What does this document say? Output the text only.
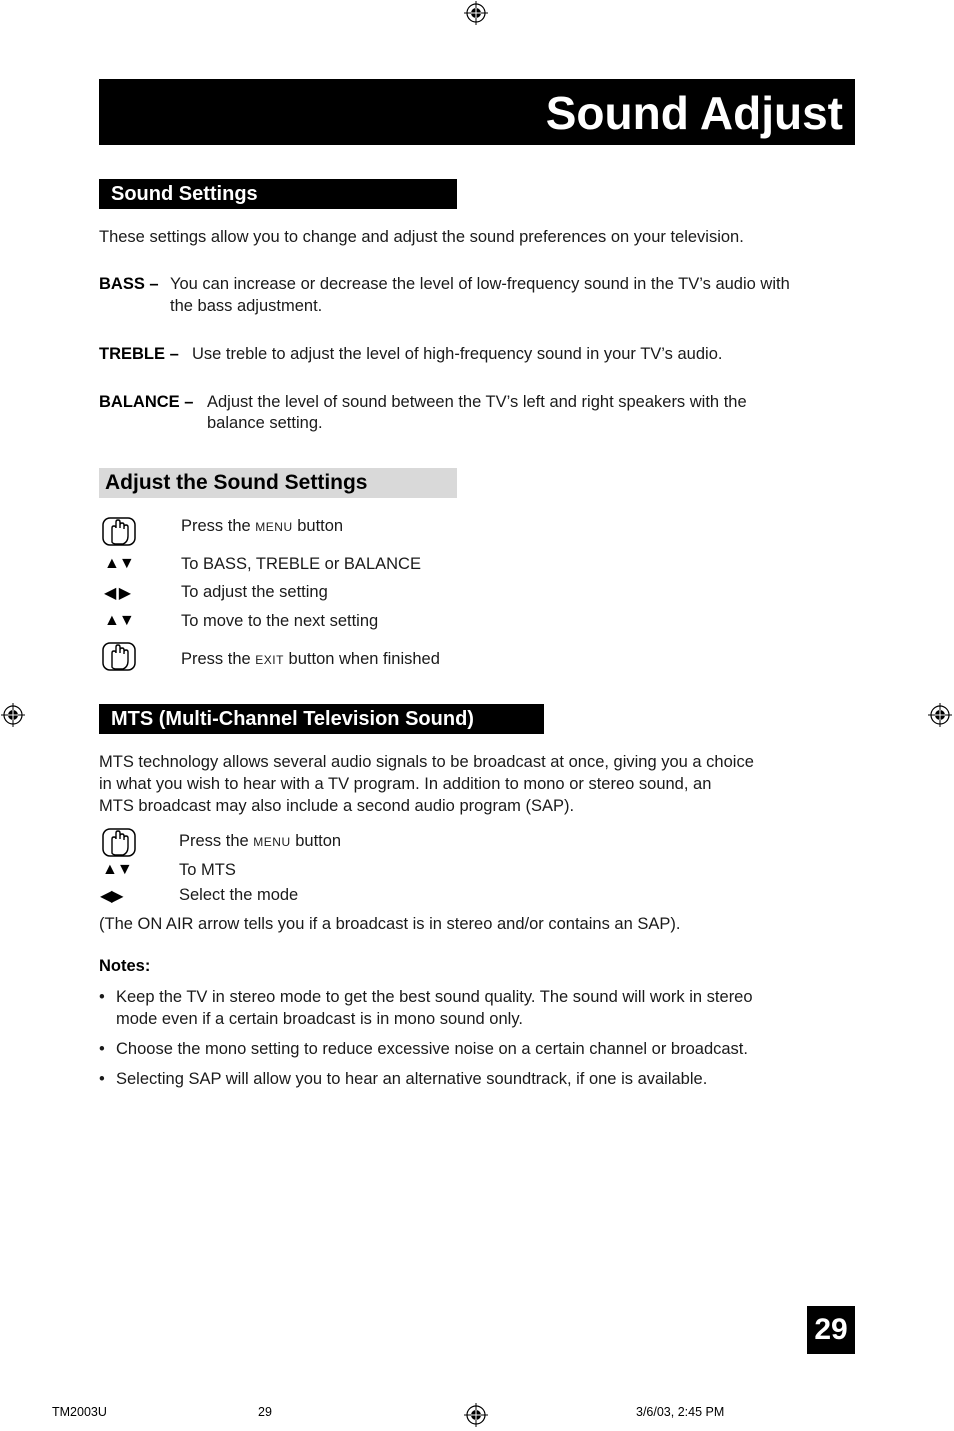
Sound Adjust
Sound Settings
These settings allow you to change and adjust the sound preferences on your television.
BASS – You can increase or decrease the level of low-frequency sound in the TV’s audio with
the bass adjustment.
TREBLE – Use treble to adjust the level of high-frequency sound in your TV’s audio.
BALANCE – Adjust the level of sound between the TV’s left and right speakers with the
balance setting.
Adjust the Sound Settings
Press the MENU button
▲▼	To BASS, TREBLE or BALANCE
◀ ▶	To adjust the setting
▲▼	To move to the next setting
Press the EXIT button when finished
MTS (Multi-Channel Television Sound)
MTS technology allows several audio signals to be broadcast at once, giving you a choice
in what you wish to hear with a TV program. In addition to mono or stereo sound, an
MTS broadcast may also include a second audio program (SAP).
Press the MENU button
▲▼	To MTS
◀▶	Select the mode
(The ON AIR arrow tells you if a broadcast is in stereo and/or contains an SAP).
Notes:
• Keep the TV in stereo mode to get the best sound quality. The sound will work in stereo
mode even if a certain broadcast is in mono sound only.
• Choose the mono setting to reduce excessive noise on a certain channel or broadcast.
• Selecting SAP will allow you to hear an alternative soundtrack, if one is available.
29
TM2003U	29	3/6/03, 2:45 PM
